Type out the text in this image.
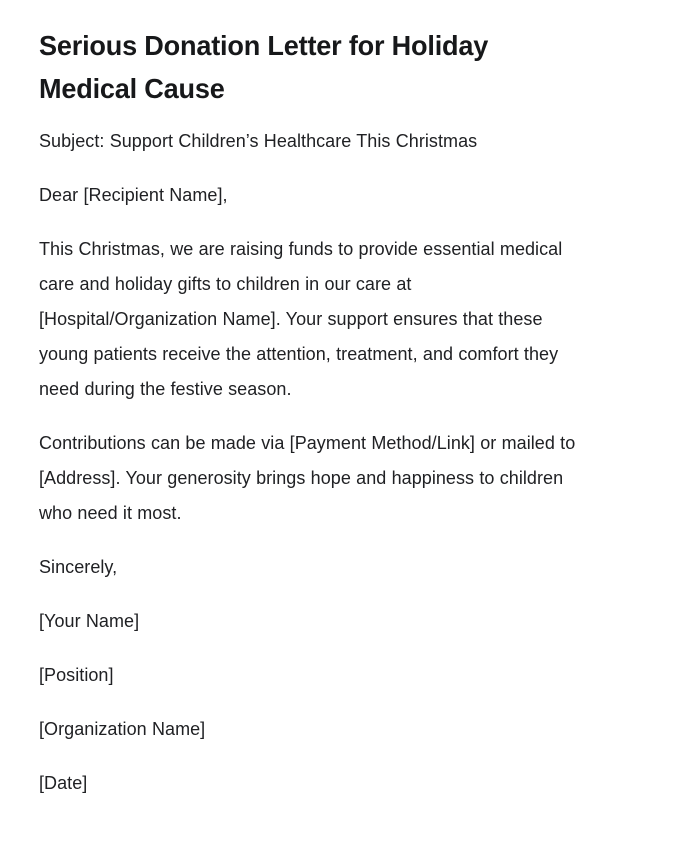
Serious Donation Letter for Holiday Medical Cause

Subject: Support Children’s Healthcare This Christmas

Dear [Recipient Name],

This Christmas, we are raising funds to provide essential medical care and holiday gifts to children in our care at [Hospital/Organization Name]. Your support ensures that these young patients receive the attention, treatment, and comfort they need during the festive season.

Contributions can be made via [Payment Method/Link] or mailed to [Address]. Your generosity brings hope and happiness to children who need it most.

Sincerely,

[Your Name]

[Position]

[Organization Name]

[Date]
